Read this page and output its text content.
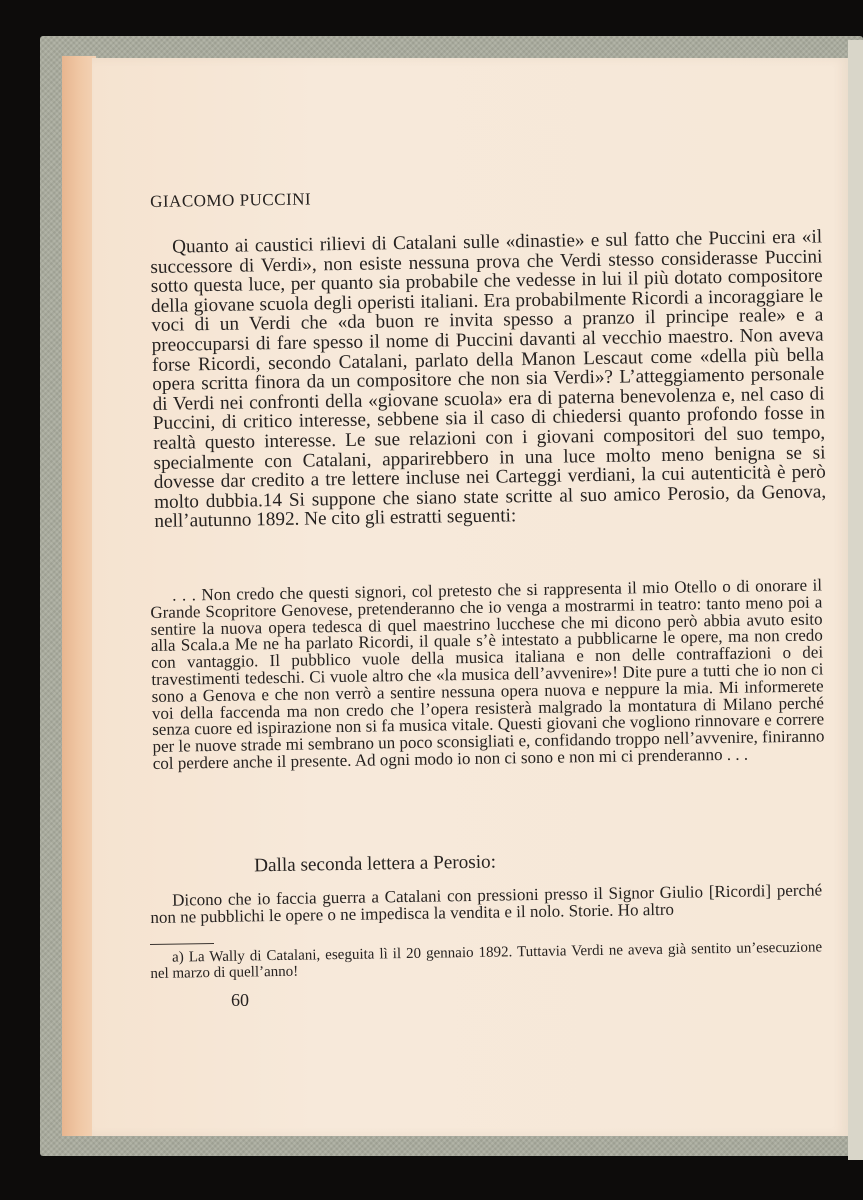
GIACOMO PUCCINI

Quanto ai caustici rilievi di Catalani sulle «dinastie» e sul fatto che Puccini era «il successore di Verdi», non esiste nessuna prova che Verdi stesso considerasse Puccini sotto questa luce, per quanto sia probabile che vedesse in lui il più dotato compositore della giovane scuola degli operisti italiani. Era probabilmente Ricordi a incoraggiare le voci di un Verdi che «da buon re invita spesso a pranzo il principe reale» e a preoccuparsi di fare spesso il nome di Puccini davanti al vecchio maestro. Non aveva forse Ricordi, secondo Catalani, parlato della Manon Lescaut come «della più bella opera scritta finora da un compositore che non sia Verdi»? L’atteggiamento personale di Verdi nei confronti della «giovane scuola» era di paterna benevolenza e, nel caso di Puccini, di critico interesse, sebbene sia il caso di chiedersi quanto profondo fosse in realtà questo interesse. Le sue relazioni con i giovani compositori del suo tempo, specialmente con Catalani, apparirebbero in una luce molto meno benigna se si dovesse dar credito a tre lettere incluse nei Carteggi verdiani, la cui autenticità è però molto dubbia.14 Si suppone che siano state scritte al suo amico Perosio, da Genova, nell’autunno 1892. Ne cito gli estratti seguenti:

. . . Non credo che questi signori, col pretesto che si rappresenta il mio Otello o di onorare il Grande Scopritore Genovese, pretenderanno che io venga a mostrarmi in teatro: tanto meno poi a sentire la nuova opera tedesca di quel maestrino lucchese che mi dicono però abbia avuto esito alla Scala.a Me ne ha parlato Ricordi, il quale s’è intestato a pubblicarne le opere, ma non credo con vantaggio. Il pubblico vuole della musica italiana e non delle contraffazioni o dei travestimenti tedeschi. Ci vuole altro che «la musica dell’avvenire»! Dite pure a tutti che io non ci sono a Genova e che non verrò a sentire nessuna opera nuova e neppure la mia. Mi informerete voi della faccenda ma non credo che l’opera resisterà malgrado la montatura di Milano perché senza cuore ed ispirazione non si fa musica vitale. Questi giovani che vogliono rinnovare e correre per le nuove strade mi sembrano un poco sconsigliati e, confidando troppo nell’avvenire, finiranno col perdere anche il presente. Ad ogni modo io non ci sono e non mi ci prenderanno . . .

Dalla seconda lettera a Perosio:

Dicono che io faccia guerra a Catalani con pressioni presso il Signor Giulio [Ricordi] perché non ne pubblichi le opere o ne impedisca la vendita e il nolo. Storie. Ho altro

a) La Wally di Catalani, eseguita lì il 20 gennaio 1892. Tuttavia Verdi ne aveva già sentito un’esecuzione nel marzo di quell’anno!

60
